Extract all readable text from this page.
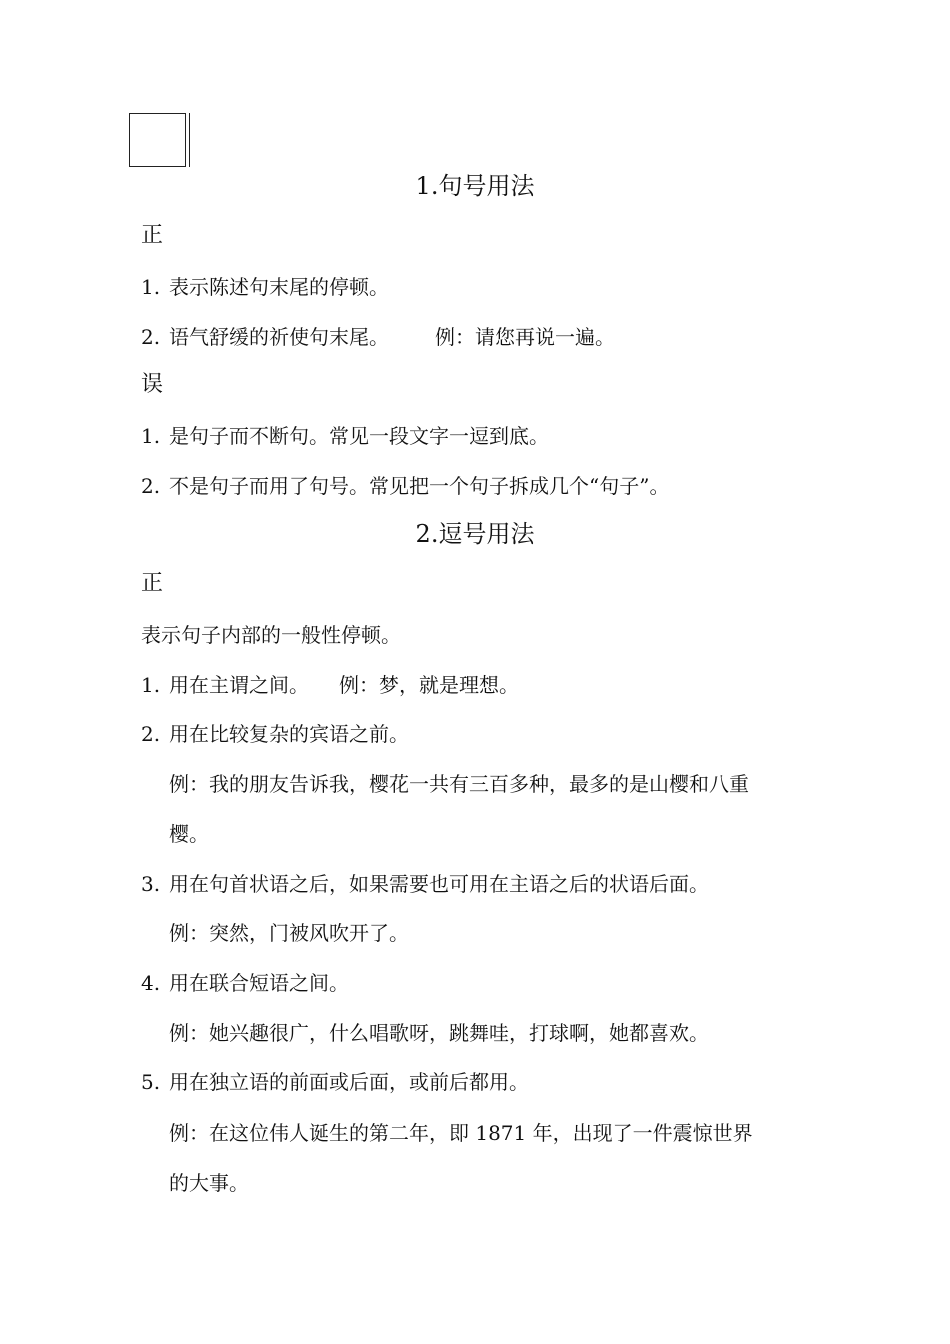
1.句号用法
正
1. 表示陈述句末尾的停顿。
2. 语气舒缓的祈使句末尾。 例：请您再说一遍。
误
1. 是句子而不断句。常见一段文字一逗到底。
2. 不是句子而用了句号。常见把一个句子拆成几个“句子”。
2.逗号用法
正
表示句子内部的一般性停顿。
1. 用在主谓之间。 例：梦，就是理想。
2. 用在比较复杂的宾语之前。
例：我的朋友告诉我，樱花一共有三百多种，最多的是山樱和八重
樱。
3. 用在句首状语之后，如果需要也可用在主语之后的状语后面。
例：突然，门被风吹开了。
4. 用在联合短语之间。
例：她兴趣很广，什么唱歌呀，跳舞哇，打球啊，她都喜欢。
5. 用在独立语的前面或后面，或前后都用。
例：在这位伟人诞生的第二年，即 1871 年，出现了一件震惊世界
的大事。
